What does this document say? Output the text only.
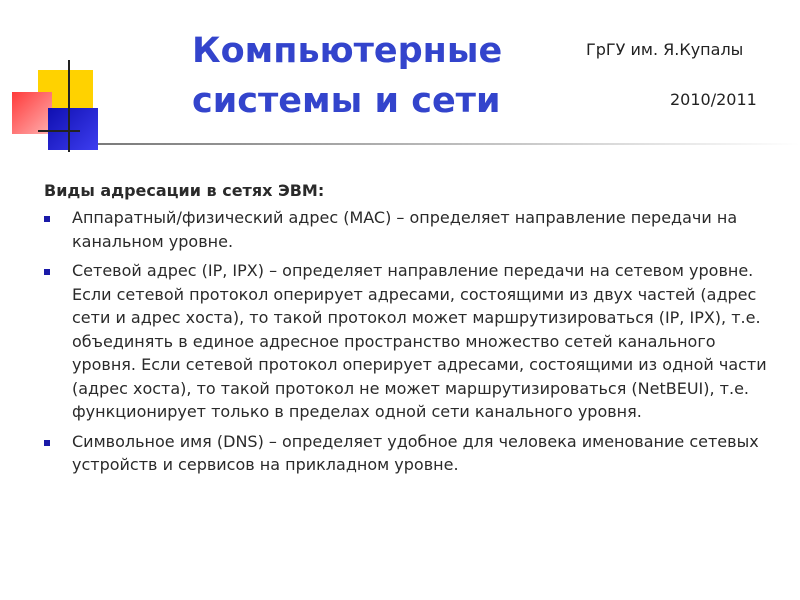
Компьютерные
системы и сети
ГрГУ им. Я.Купалы
2010/2011

Виды адресации в сетях ЭВМ:

Аппаратный/физический адрес (MAC) – определяет направление передачи на канальном уровне.
Сетевой адрес (IP, IPX) – определяет направление передачи на сетевом уровне. Если сетевой протокол оперирует адресами, состоящими из двух частей (адрес сети и адрес хоста), то такой протокол может маршрутизироваться (IP, IPX), т.е. объединять в единое адресное пространство множество сетей канального уровня. Если сетевой протокол оперирует адресами, состоящими из одной части (адрес хоста), то такой протокол не может маршрутизироваться (NetBEUI), т.е. функционирует только в пределах одной сети канального уровня.
Символьное имя (DNS) – определяет удобное для человека именование сетевых устройств и сервисов на прикладном уровне.
